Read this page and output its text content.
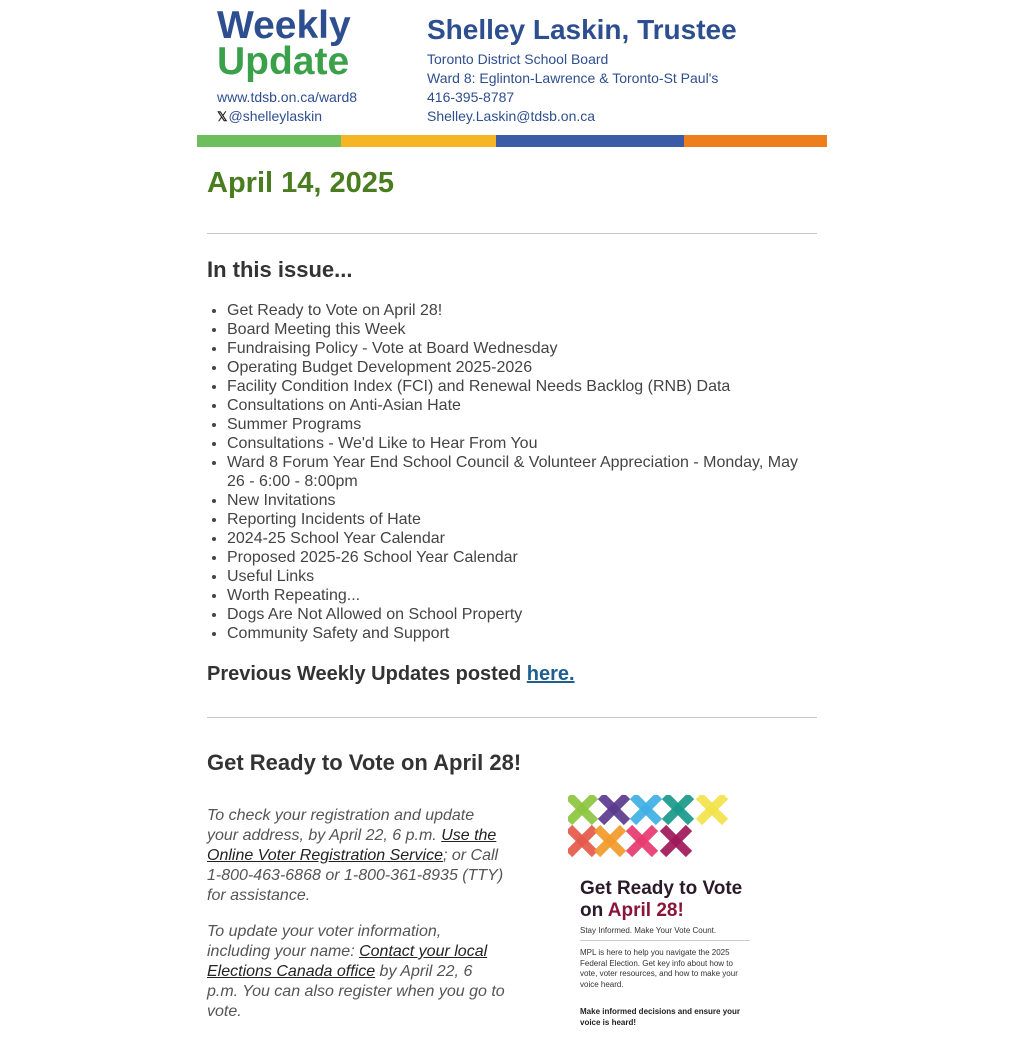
Weekly
Update
www.tdsb.on.ca/ward8
𝕏@shelleylaskin
Shelley Laskin, Trustee
Toronto District School Board
Ward 8: Eglinton-Lawrence & Toronto-St Paul's
416-395-8787
Shelley.Laskin@tdsb.on.ca
April 14, 2025
In this issue...
• Get Ready to Vote on April 28!
• Board Meeting this Week
• Fundraising Policy - Vote at Board Wednesday
• Operating Budget Development 2025-2026
• Facility Condition Index (FCI) and Renewal Needs Backlog (RNB) Data
• Consultations on Anti-Asian Hate
• Summer Programs
• Consultations - We'd Like to Hear From You
• Ward 8 Forum Year End School Council & Volunteer Appreciation - Monday, May 26 - 6:00 - 8:00pm
• New Invitations
• Reporting Incidents of Hate
• 2024-25 School Year Calendar
• Proposed 2025-26 School Year Calendar
• Useful Links
• Worth Repeating...
• Dogs Are Not Allowed on School Property
• Community Safety and Support
Previous Weekly Updates posted here.
Get Ready to Vote on April 28!

To check your registration and update your address, by April 22, 6 p.m. Use the Online Voter Registration Service; or Call 1-800-463-6868 or 1-800-361-8935 (TTY) for assistance.

To update your voter information, including your name: Contact your local Elections Canada office by April 22, 6 p.m. You can also register when you go to vote.

Get Ready to Vote
on April 28!
Stay Informed. Make Your Vote Count.
MPL is here to help you navigate the 2025 Federal Election. Get key info about how to vote, voter resources, and how to make your voice heard.
Make informed decisions and ensure your voice is heard!
